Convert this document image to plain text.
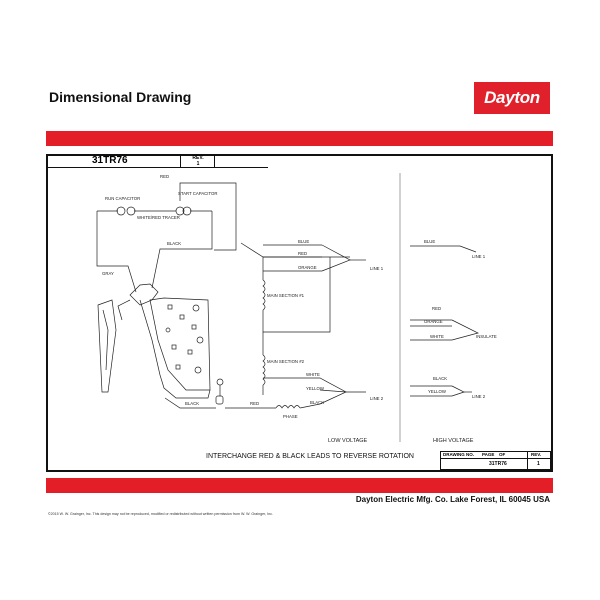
Dimensional Drawing	Dayton
31TR76	REV.
1
RED
RUN CAPACITOR
START CAPACITOR
WHITE/RED TRACER
BLACK
GRAY
MAIN SECTION #1
MAIN SECTION #2
BLUE
RED
ORANGE	LINE 1
WHITE
YELLOW
LINE 2
BLACK	RED	BLACK
PHASE
LOW VOLTAGE
BLUE
LINE 1
RED
ORANGE
WHITE	INSULATE
BLACK
YELLOW
LINE 2
HIGH VOLTAGE
INTERCHANGE RED & BLACK LEADS TO REVERSE ROTATION	DRAWING NO. PAGE OF	REV.
31TR76	1
Dayton Electric Mfg. Co. Lake Forest, IL 60045 USA
©2015 W. W. Grainger, Inc. This design may not be reproduced, modified or redistributed without written permission from W. W. Grainger, Inc.
